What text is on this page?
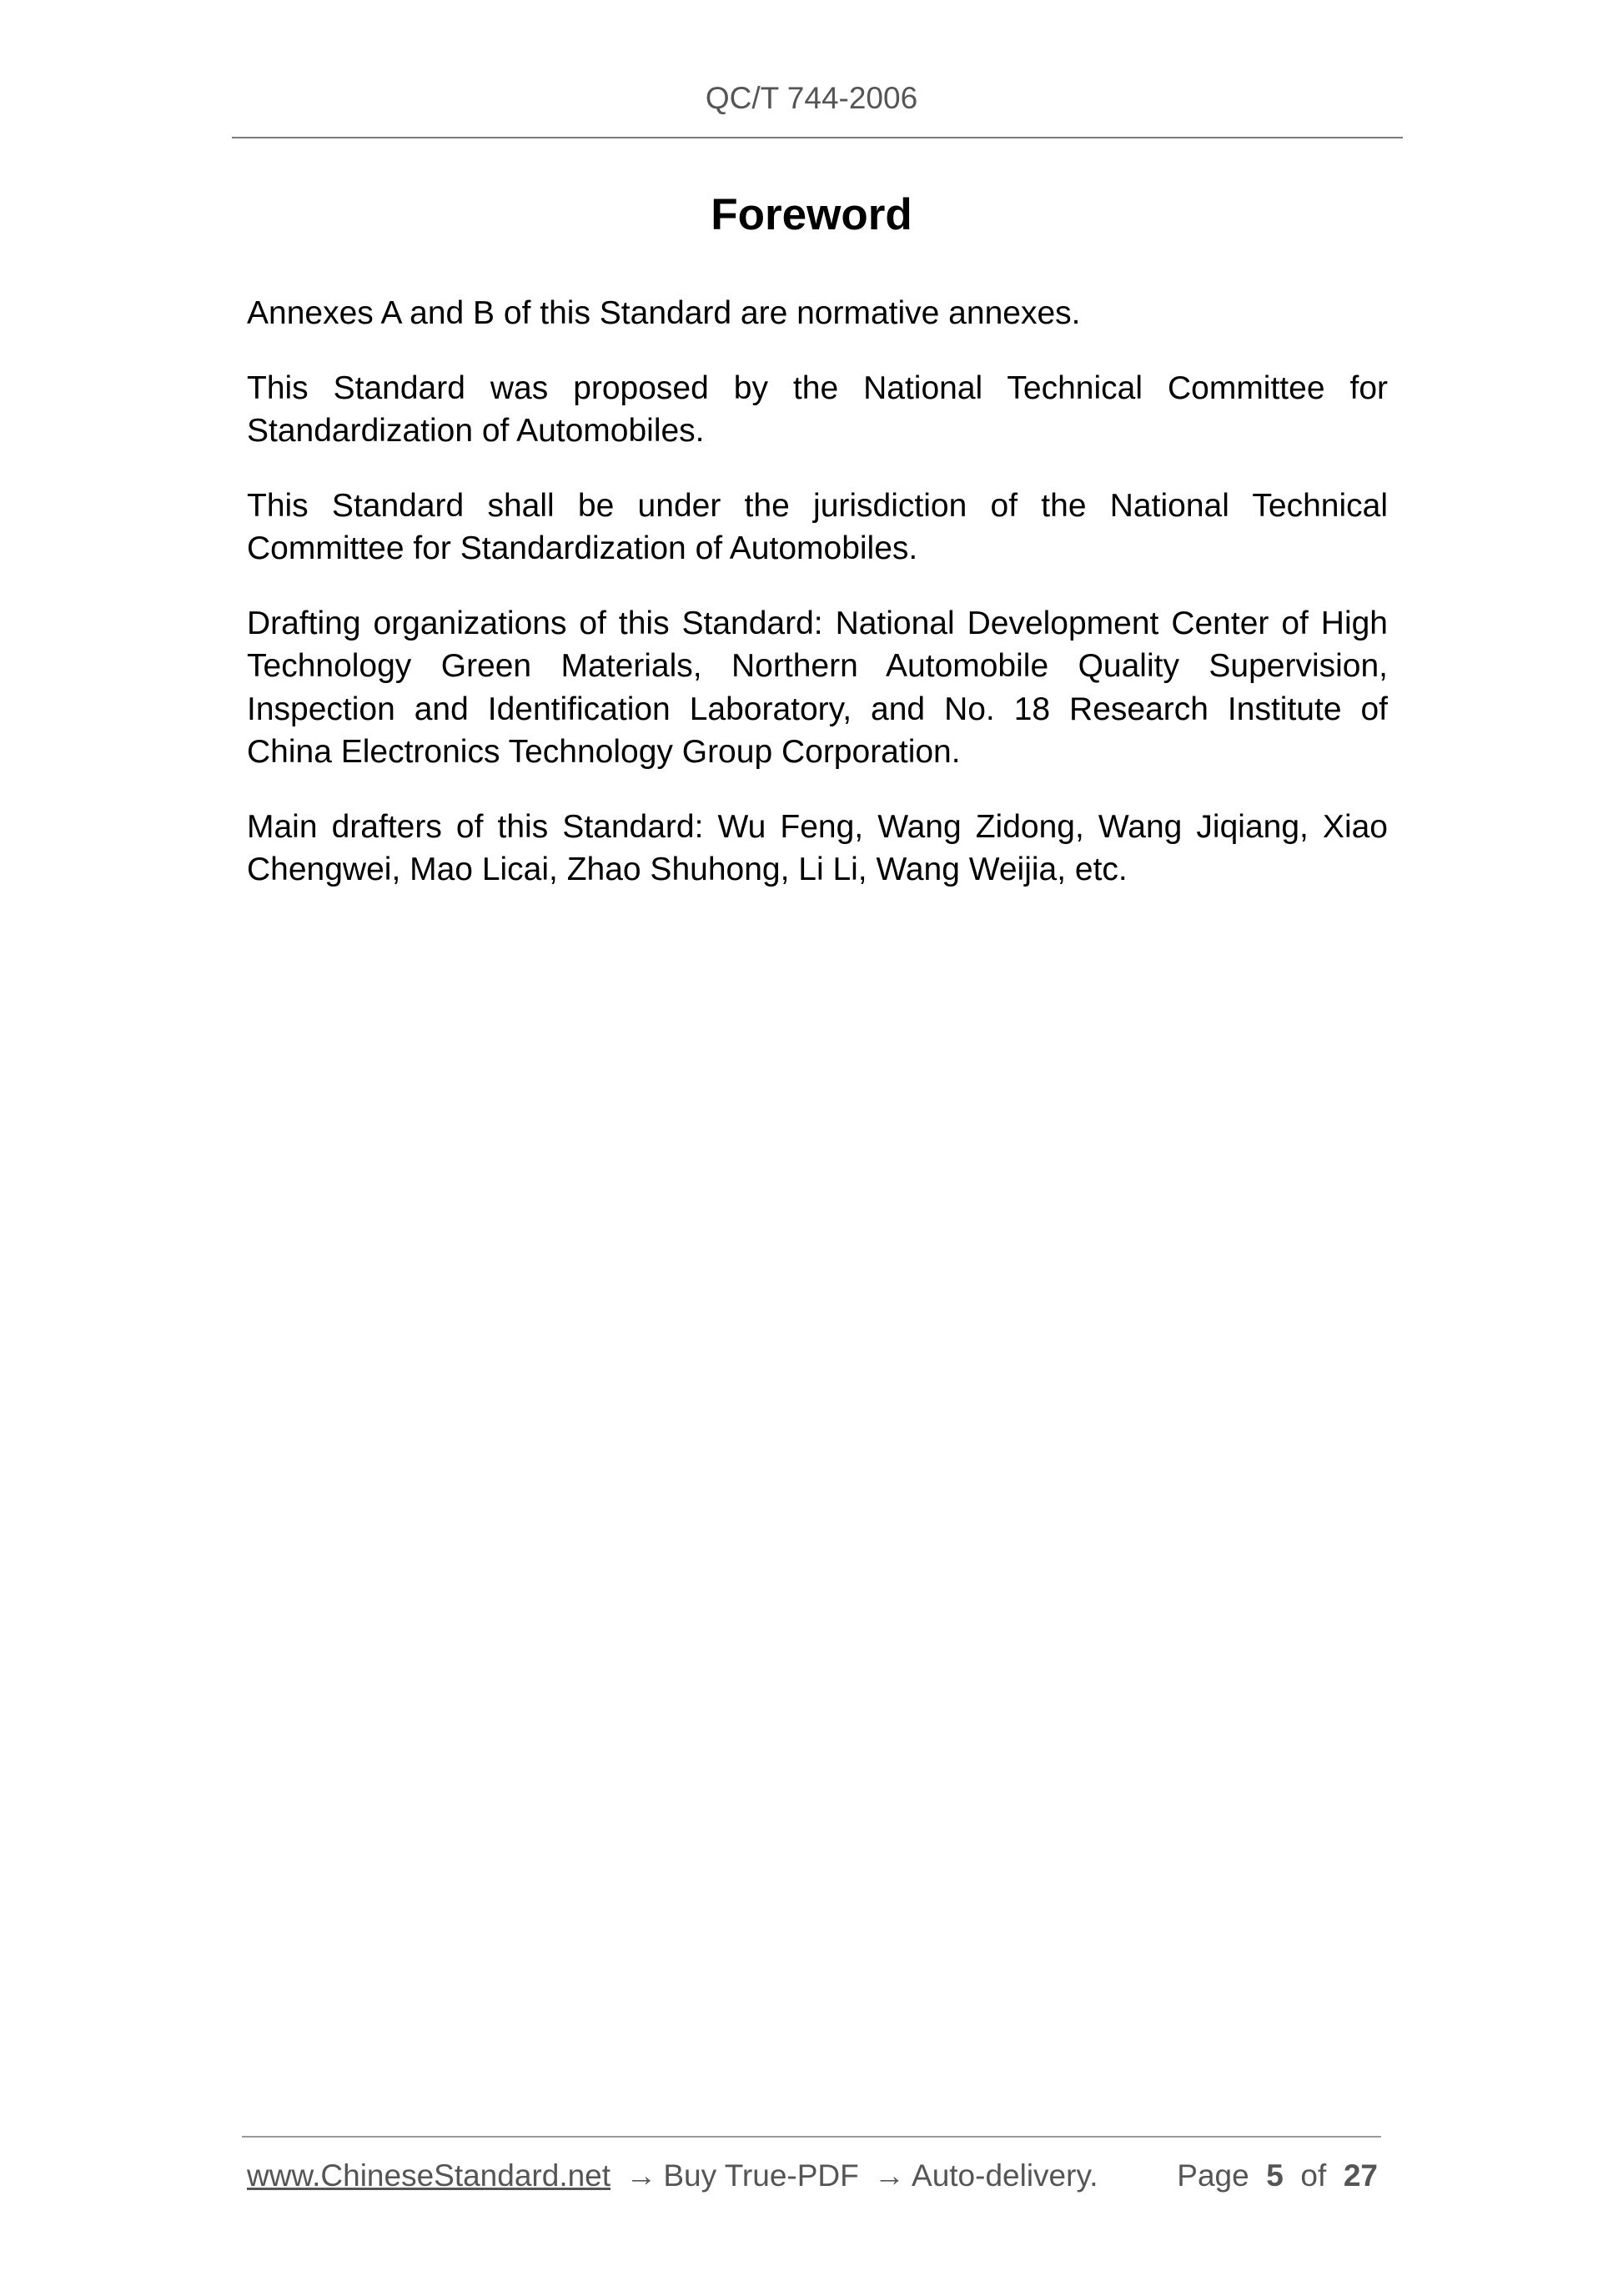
QC/T 744-2006
Foreword

Annexes A and B of this Standard are normative annexes.

This Standard was proposed by the National Technical Committee for Standardization of Automobiles.

This Standard shall be under the jurisdiction of the National Technical Committee for Standardization of Automobiles.

Drafting organizations of this Standard: National Development Center of High Technology Green Materials, Northern Automobile Quality Supervision, Inspection and Identification Laboratory, and No. 18 Research Institute of China Electronics Technology Group Corporation.

Main drafters of this Standard: Wu Feng, Wang Zidong, Wang Jiqiang, Xiao Chengwei, Mao Licai, Zhao Shuhong, Li Li, Wang Weijia, etc.

www.ChineseStandard.net → Buy True-PDF → Auto-delivery.	Page 5 of 27
